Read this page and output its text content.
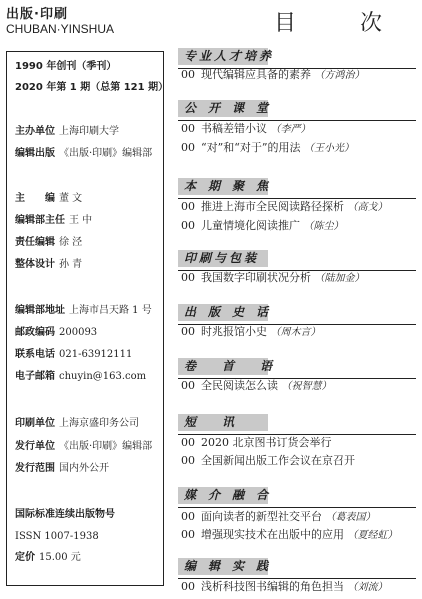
出版·印刷
CHUBAN·YINSHUA	目	次
1990 年创刊（季刊）
2020 年第 1 期（总第 121 期）
主办单位 上海印刷大学
编辑出版 《出版·印刷》编辑部
主　　编 董 文
编辑部主任 王 中
责任编辑 徐 泾
整体设计 孙 青
编辑部地址 上海市吕天路 1 号
邮政编码 200093
联系电话 021-63912111
电子邮箱 chuyin@163.com
印刷单位 上海京盛印务公司
发行单位 《出版·印刷》编辑部
发行范围 国内外公开
国际标准连续出版物号
ISSN 1007-1938
定价 15.00 元
专业人才培养
00 现代编辑应具备的素养 （方鸿治）
公开课堂
00 书稿差错小议 （李严）
00 “对”和“对于”的用法 （王小光）
本期聚焦
00 推进上海市全民阅读路径探析 （高戈）
00 儿童情境化阅读推广 （陈尘）
印刷与包装
00 我国数字印刷状况分析 （陆加金）
出版史话
00 时兆报馆小史 （周木言）
卷首语
00 全民阅读怎么读 （祝智慧）
短讯
00 2020 北京图书订货会举行
00 全国新闻出版工作会议在京召开
媒介融合
00 面向读者的新型社交平台 （葛表国）
00 增强现实技术在出版中的应用 （夏经虹）
编辑实践
00 浅析科技图书编辑的角色担当 （刘流）
